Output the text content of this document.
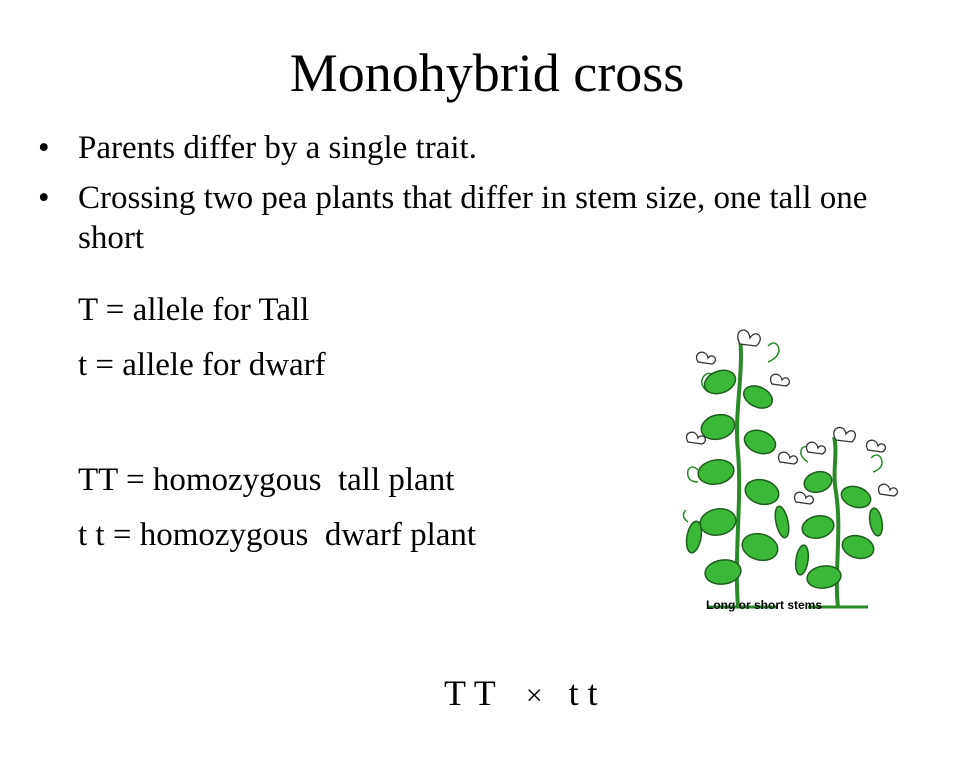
Monohybrid cross
• Parents differ by a single trait.
• Crossing two pea plants that differ in stem size, one tall one short
T = allele for Tall
t = allele for dwarf
TT = homozygous  tall plant
t t = homozygous  dwarf plant

T T × t t

Long or short stems
